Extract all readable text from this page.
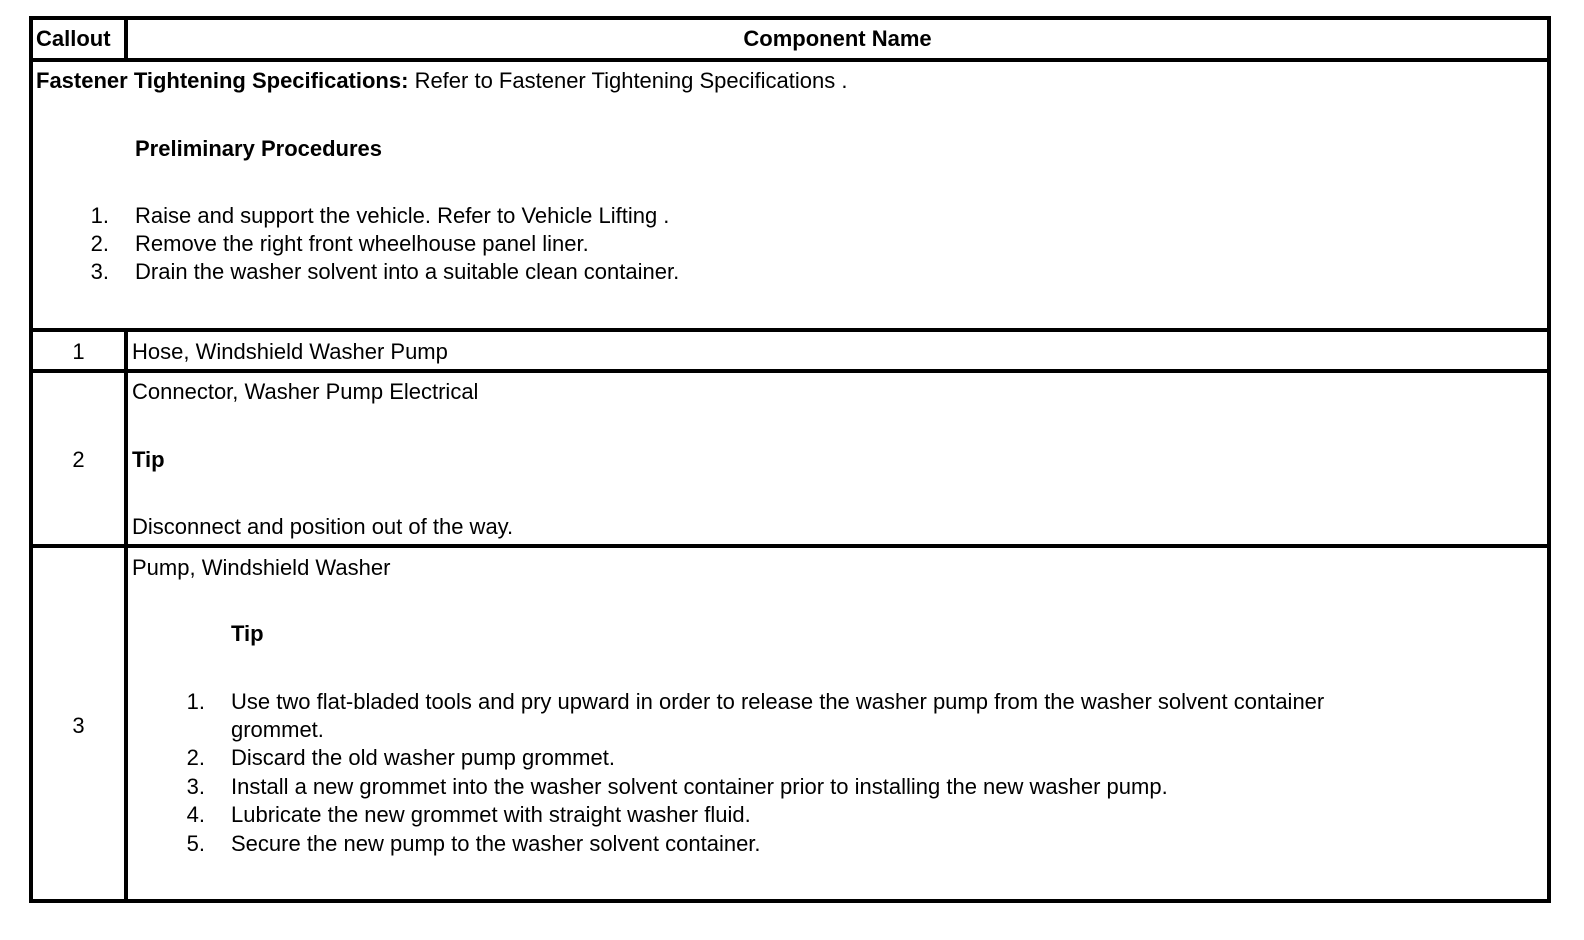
Callout	Component Name
Fastener Tightening Specifications: Refer to Fastener Tightening Specifications .
Preliminary Procedures
1. Raise and support the vehicle. Refer to Vehicle Lifting .
2. Remove the right front wheelhouse panel liner.
3. Drain the washer solvent into a suitable clean container.
1	Hose, Windshield Washer Pump
2
Connector, Washer Pump Electrical
Tip
Disconnect and position out of the way.
3
Pump, Windshield Washer
Tip
1. Use two flat-bladed tools and pry upward in order to release the washer pump from the washer solvent container
grommet.
2. Discard the old washer pump grommet.
3. Install a new grommet into the washer solvent container prior to installing the new washer pump.
4. Lubricate the new grommet with straight washer fluid.
5. Secure the new pump to the washer solvent container.
